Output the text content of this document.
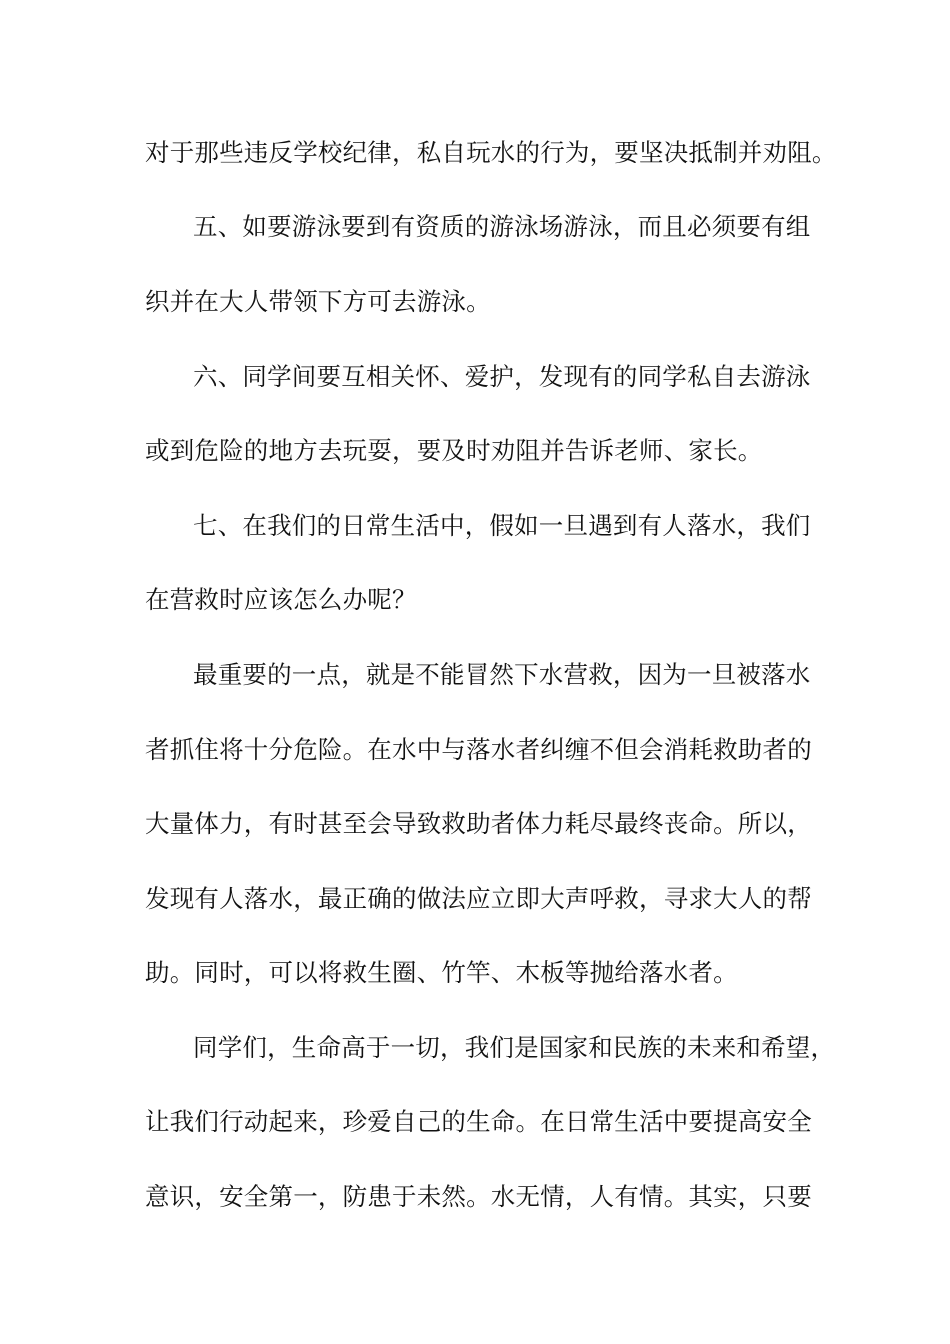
对于那些违反学校纪律，私自玩水的行为，要坚决抵制并劝阻。
五、如要游泳要到有资质的游泳场游泳，而且必须要有组
织并在大人带领下方可去游泳。
六、同学间要互相关怀、爱护，发现有的同学私自去游泳
或到危险的地方去玩耍，要及时劝阻并告诉老师、家长。
七、在我们的日常生活中，假如一旦遇到有人落水，我们
在营救时应该怎么办呢？
最重要的一点，就是不能冒然下水营救，因为一旦被落水
者抓住将十分危险。在水中与落水者纠缠不但会消耗救助者的
大量体力，有时甚至会导致救助者体力耗尽最终丧命。所以，
发现有人落水，最正确的做法应立即大声呼救，寻求大人的帮
助。同时，可以将救生圈、竹竿、木板等抛给落水者。
同学们，生命高于一切，我们是国家和民族的未来和希望，
让我们行动起来，珍爱自己的生命。在日常生活中要提高安全
意识，安全第一，防患于未然。水无情，人有情。其实，只要
